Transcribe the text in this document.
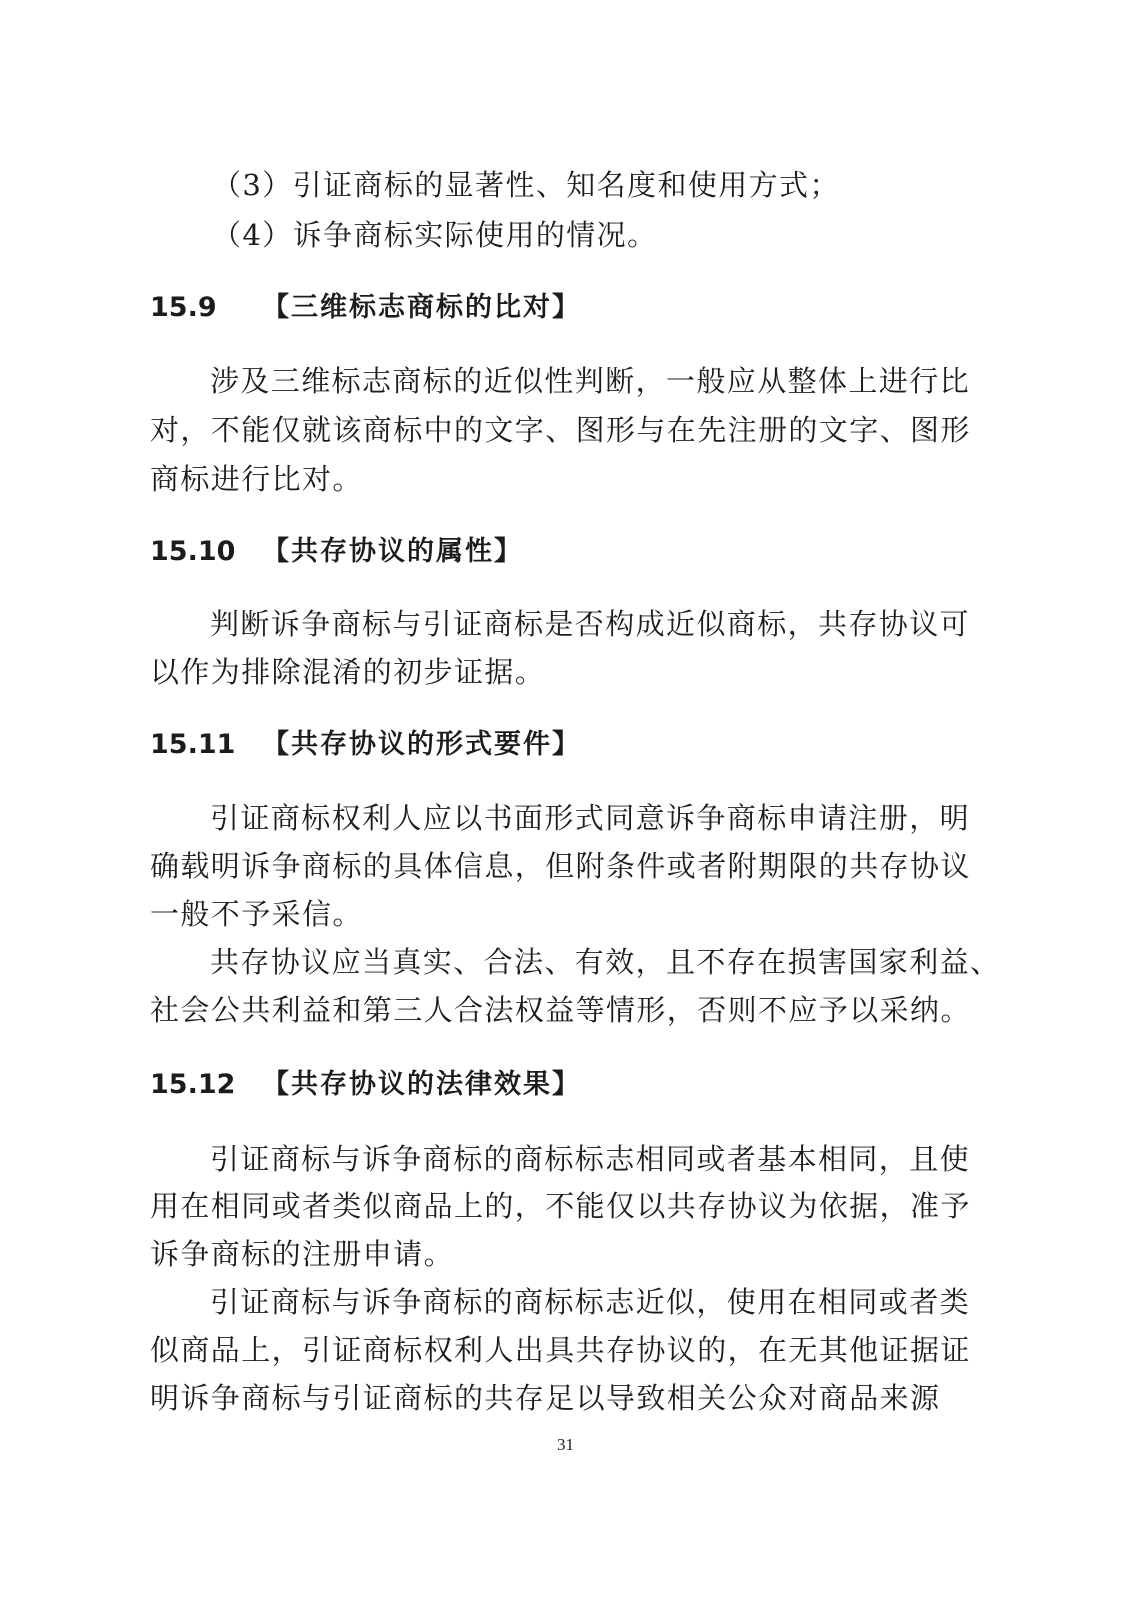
（3）引证商标的显著性、知名度和使用方式；
（4）诉争商标实际使用的情况。
15.9 【三维标志商标的比对】
涉及三维标志商标的近似性判断，一般应从整体上进行比
对，不能仅就该商标中的文字、图形与在先注册的文字、图形
商标进行比对。
15.10 【共存协议的属性】
判断诉争商标与引证商标是否构成近似商标，共存协议可
以作为排除混淆的初步证据。
15.11 【共存协议的形式要件】
引证商标权利人应以书面形式同意诉争商标申请注册，明
确载明诉争商标的具体信息，但附条件或者附期限的共存协议
一般不予采信。
共存协议应当真实、合法、有效，且不存在损害国家利益、
社会公共利益和第三人合法权益等情形，否则不应予以采纳。
15.12 【共存协议的法律效果】
引证商标与诉争商标的商标标志相同或者基本相同，且使
用在相同或者类似商品上的，不能仅以共存协议为依据，准予
诉争商标的注册申请。
引证商标与诉争商标的商标标志近似，使用在相同或者类
似商品上，引证商标权利人出具共存协议的，在无其他证据证
明诉争商标与引证商标的共存足以导致相关公众对商品来源
31
